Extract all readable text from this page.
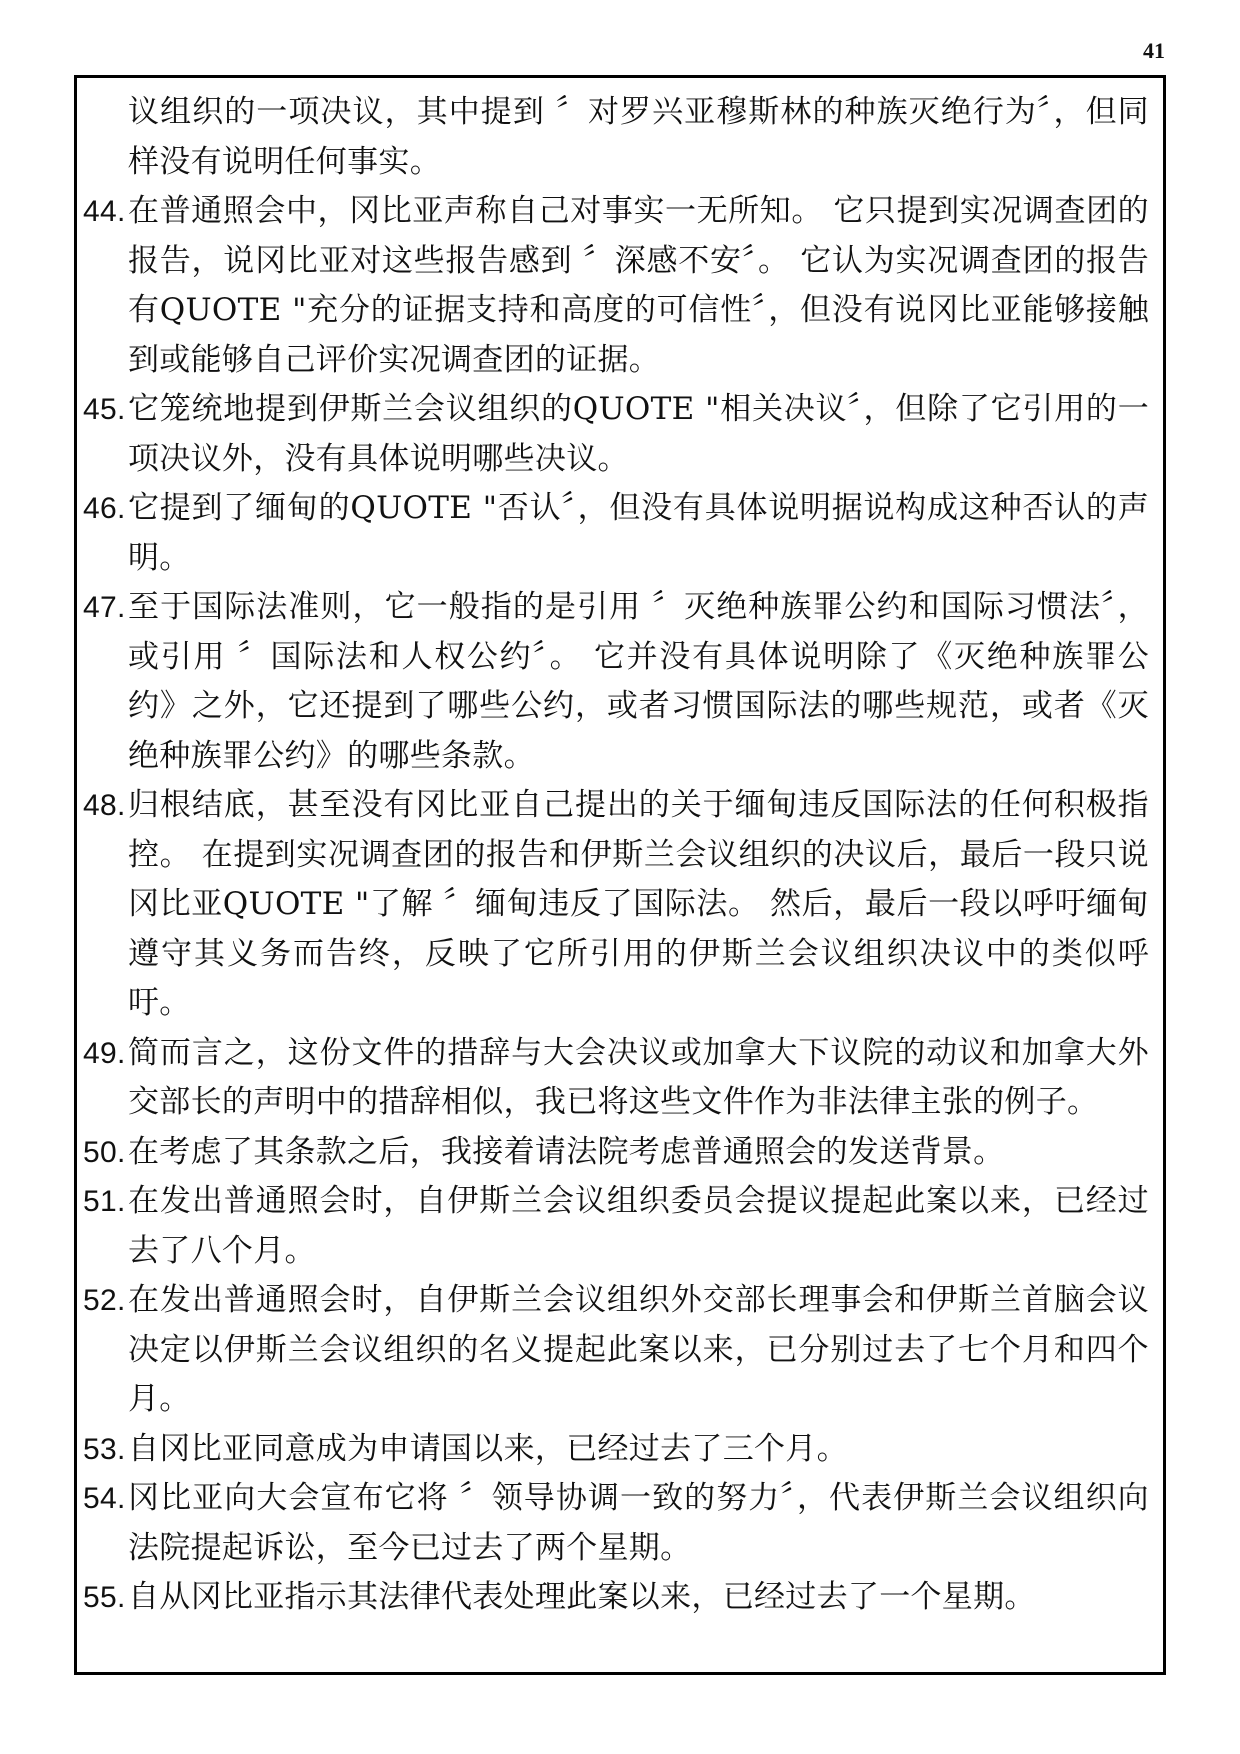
41
议组织的一项决议，其中提到 〞对罗兴亚穆斯林的种族灭绝行为〞，但同样没有说明任何事实。
44. 在普通照会中，冈比亚声称自己对事实一无所知。 它只提到实况调查团的报告，说冈比亚对这些报告感到 〞深感不安〞。 它认为实况调查团的报告有QUOTE "充分的证据支持和高度的可信性〞，但没有说冈比亚能够接触到或能够自己评价实况调查团的证据。
45. 它笼统地提到伊斯兰会议组织的QUOTE "相关决议〞，但除了它引用的一项决议外，没有具体说明哪些决议。
46. 它提到了缅甸的QUOTE "否认〞，但没有具体说明据说构成这种否认的声明。
47. 至于国际法准则，它一般指的是引用 〞灭绝种族罪公约和国际习惯法〞，或引用 〞国际法和人权公约〞。 它并没有具体说明除了《灭绝种族罪公约》之外，它还提到了哪些公约，或者习惯国际法的哪些规范，或者《灭绝种族罪公约》的哪些条款。
48. 归根结底，甚至没有冈比亚自己提出的关于缅甸违反国际法的任何积极指控。 在提到实况调查团的报告和伊斯兰会议组织的决议后，最后一段只说冈比亚QUOTE "了解 〞缅甸违反了国际法。 然后，最后一段以呼吁缅甸遵守其义务而告终，反映了它所引用的伊斯兰会议组织决议中的类似呼吁。
49. 简而言之，这份文件的措辞与大会决议或加拿大下议院的动议和加拿大外交部长的声明中的措辞相似，我已将这些文件作为非法律主张的例子。
50. 在考虑了其条款之后，我接着请法院考虑普通照会的发送背景。
51. 在发出普通照会时，自伊斯兰会议组织委员会提议提起此案以来，已经过去了八个月。
52. 在发出普通照会时，自伊斯兰会议组织外交部长理事会和伊斯兰首脑会议决定以伊斯兰会议组织的名义提起此案以来，已分别过去了七个月和四个月。
53. 自冈比亚同意成为申请国以来，已经过去了三个月。
54. 冈比亚向大会宣布它将 〞领导协调一致的努力〞，代表伊斯兰会议组织向法院提起诉讼，至今已过去了两个星期。
55. 自从冈比亚指示其法律代表处理此案以来，已经过去了一个星期。
